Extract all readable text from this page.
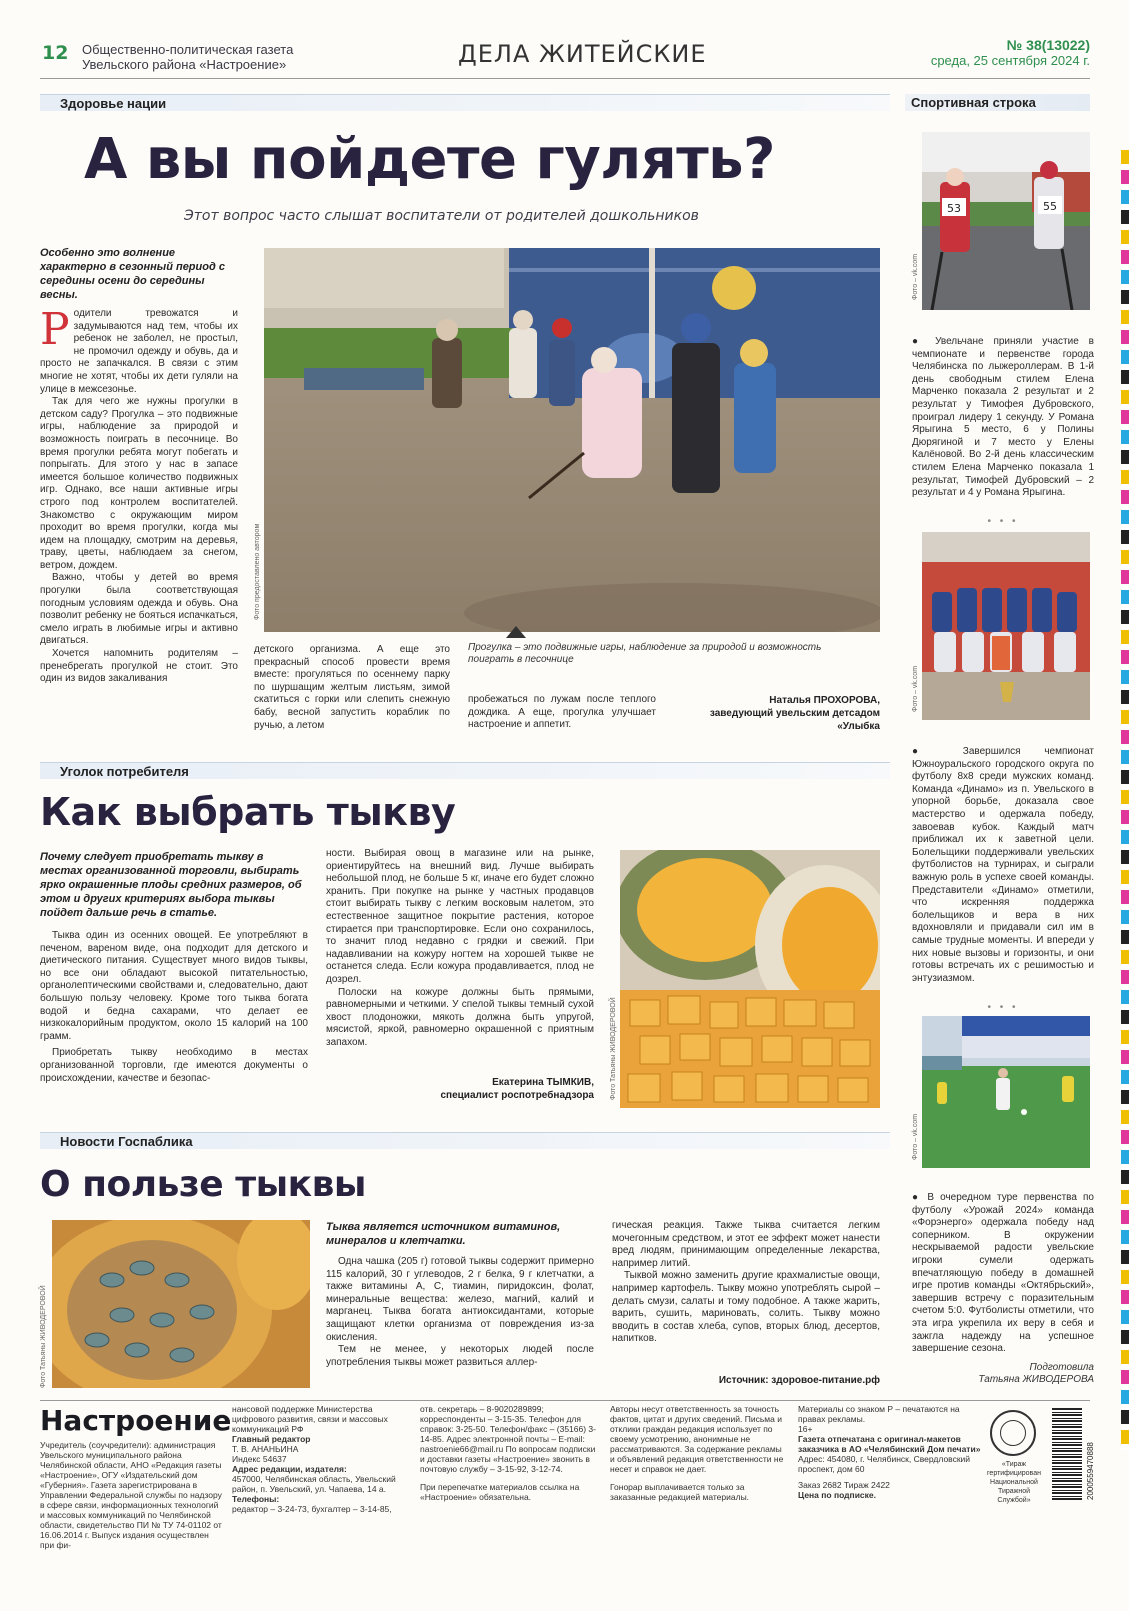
12 Общественно-политическая газета
Увельского района «Настроение»	ДЕЛА ЖИТЕЙСКИЕ	№ 38(13022)
среда, 25 сентября 2024 г.
Здоровье нации	Спортивная строка
А вы пойдете гулять?
Этот вопрос часто слышат воспитатели от родителей дошкольников
Особенно это волнение характерно в сезонный период с середины осени до середины весны.
Р одители тревожатся и задумываются над тем, чтобы их ребенок не заболел, не простыл, не промочил одежду и обувь, да и просто не запачкался. В связи с этим многие не хотят, чтобы их дети гуляли на улице в межсезонье.

Так для чего же нужны прогулки в детском саду? Прогулка – это подвижные игры, наблюдение за природой и возможность поиграть в песочнице. Во время прогулки ребята могут побегать и попрыгать. Для этого у нас в запасе имеется большое количество подвижных игр. Однако, все наши активные игры строго под контролем воспитателей. Знакомство с окружающим миром проходит во время прогулки, когда мы идем на площадку, смотрим на деревья, траву, цветы, наблюдаем за снегом, ветром, дождем.

Важно, чтобы у детей во время прогулки была соответствующая погодным условиям одежда и обувь. Она позволит ребенку не бояться испачкаться, смело играть в любимые игры и активно двигаться.

Хочется напомнить родителям – пренебрегать прогулкой не стоит. Это один из видов закаливания

Фото предоставлено автором
детского организма. А еще это прекрасный способ провести время вместе: прогуляться по осеннему парку по шуршащим желтым листьям, зимой скатиться с горки или слепить снежную бабу, весной запустить кораблик по ручью, а летом
Прогулка – это подвижные игры, наблюдение за природой и возможность поиграть в песочнице
пробежаться по лужам после теплого дождика. А еще, прогулка улучшает настроение и аппетит.
Наталья ПРОХОРОВА,
заведующий увельским детсадом «Улыбка
Уголок потребителя
Как выбрать тыкву
Почему следует приобретать тыкву в местах организованной торговли, выбирать ярко окрашенные плоды средних размеров, об этом и других критериях выбора тыквы пойдет дальше речь в статье.

Тыква один из осенних овощей. Ее употребляют в печеном, вареном виде, она подходит для детского и диетического питания. Существует много видов тыквы, но все они обладают высокой питательностью, органолептическими свойствами и, следовательно, дают большую пользу человеку. Кроме того тыква богата водой и бедна сахарами, что делает ее низкокалорийным продуктом, около 15 калорий на 100 грамм.

Приобретать тыкву необходимо в местах организованной торговли, где имеются документы о происхождении, качестве и безопас-

ности. Выбирая овощ в магазине или на рынке, ориентируйтесь на внешний вид. Лучше выбирать небольшой плод, не больше 5 кг, иначе его будет сложно хранить. При покупке на рынке у частных продавцов стоит выбирать тыкву с легким восковым налетом, это естественное защитное покрытие растения, которое стирается при транспортировке. Если оно сохранилось, то значит плод недавно с грядки и свежий. При надавливании на кожуру ногтем на хорошей тыкве не останется следа. Если кожура продавливается, плод не дозрел.

Полоски на кожуре должны быть прямыми, равномерными и четкими. У спелой тыквы темный сухой хвост плодоножки, мякоть должна быть упругой, мясистой, яркой, равномерно окрашенной с приятным запахом.

Екатерина ТЫМКИВ,
специалист роспотребнадзора Фото Татьяны ЖИВОДЕРОВОЙ
Новости Госпаблика
О пользе тыквы
Фото Татьяны ЖИВОДЕРОВОЙ
Тыква является источником витаминов, минералов и клетчатки.

Одна чашка (205 г) готовой тыквы содержит примерно 115 калорий, 30 г углеводов, 2 г белка, 9 г клетчатки, а также витамины А, С, тиамин, пиридоксин, фолат, минеральные вещества: железо, магний, калий и марганец. Тыква богата антиоксидантами, которые защищают клетки организма от повреждения из-за окисления.

Тем не менее, у некоторых людей после употребления тыквы может развиться аллер-

гическая реакция. Также тыква считается легким мочегонным средством, и этот ее эффект может нанести вред людям, принимающим определенные лекарства, например литий.

Тыквой можно заменить другие крахмалистые овощи, например картофель. Тыкву можно употреблять сырой – делать смузи, салаты и тому подобное. А также жарить, варить, сушить, мариновать, солить. Тыкву можно вводить в состав хлеба, супов, вторых блюд, десертов, напитков.

Источник: здоровое-питание.рф
53	55
Фото – vk.com
● Увельчане приняли участие в чемпионате и первенстве города Челябинска по лыжероллерам. В 1-й день свободным стилем Елена Марченко показала 2 результат и 2 результат у Тимофея Дубровского, проиграл лидеру 1 секунду. У Романа Ярыгина 5 место, 6 у Полины Дюрягиной и 7 место у Елены Калёновой. Во 2-й день классическим стилем Елена Марченко показала 1 результат, Тимофей Дубровский – 2 результат и 4 у Романа Ярыгина.
• • •
Фото – vk.com
● Завершился чемпионат Южноуральского городского округа по футболу 8х8 среди мужских команд. Команда «Динамо» из п. Увельского в упорной борьбе, доказала свое мастерство и одержала победу, завоевав кубок. Каждый матч приближал их к заветной цели. Болельщики поддерживали увельских футболистов на турнирах, и сыграли важную роль в успехе своей команды. Представители «Динамо» отметили, что искренняя поддержка болельщиков и вера в них вдохновляли и придавали сил им в самые трудные моменты. И впереди у них новые вызовы и горизонты, и они готовы встречать их с решимостью и энтузиазмом.
• • •
Фото – vk.com
● В очередном туре первенства по футболу «Урожай 2024» команда «Форэнерго» одержала победу над соперником. В окружении нескрываемой радости увельские игроки сумели одержать впечатляющую победу в домашней игре против команды «Октябрьский», завершив встречу с поразительным счетом 5:0. Футболисты отметили, что эта игра укрепила их веру в себя и зажгла надежду на успешное завершение сезона.
Подготовила
Татьяна ЖИВОДЕРОВА
Настроение
Учредитель (соучредители): администрация Увельского муниципального района Челябинской области, АНО «Редакция газеты «Настроение», ОГУ «Издательский дом «Губерния». Газета зарегистрирована в Управлении Федеральной службы по надзору в сфере связи, информационных технологий и массовых коммуникаций по Челябинской области, свидетельство ПИ № ТУ 74-01102 от 16.06.2014 г. Выпуск издания осуществлен при фи-
нансовой поддержке Министерства цифрового развития, связи и массовых коммуникаций РФ
Главный редактор
Т. В. АНАНЬИНА
Индекс 54637
Адрес редакции, издателя:
457000, Челябинская область, Увельский район, п. Увельский, ул. Чапаева, 14 а.
Телефоны:
редактор – 3-24-73, бухгалтер – 3-14-85,
отв. секретарь – 8-9020289899; корреспонденты – 3-15-35. Телефон для справок: 3-25-50. Телефон/факс – (35166) 3-14-85. Адрес электронной почты – E-mail: nastroenie66@mail.ru По вопросам подписки и доставки газеты «Настроение» звонить в почтовую службу – 3-15-92, 3-12-74.
При перепечатке материалов ссылка на «Настроение» обязательна.
Авторы несут ответственность за точность фактов, цитат и других сведений. Письма и отклики граждан редакция использует по своему усмотрению, анонимные не рассматриваются. За содержание рекламы и объявлений редакция ответственности не несет и справок не дает.
Гонорар выплачивается только за заказанные редакцией материалы.
Материалы со знаком Р – печатаются на правах рекламы.
16+
Газета отпечатана с оригинал-макетов заказчика в АО «Челябинский Дом печати»
Адрес: 454080, г. Челябинск, Свердловский проспект, дом 60
Заказ 2682 Тираж 2422
Цена по подписке.
«Тираж гертифицирован Национальной Тиражной Службой»
2000559470888
